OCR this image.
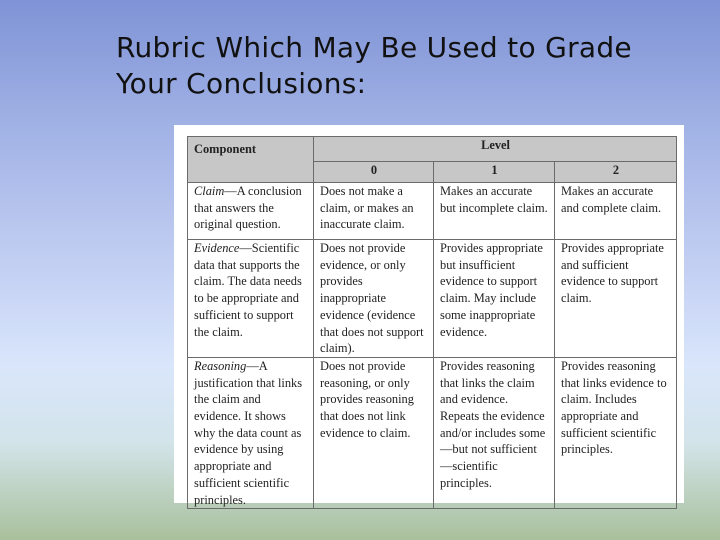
Rubric Which May Be Used to Grade
Your Conclusions:
Component	Level		
	0	1	2
Claim—A conclusion that answers the original question.	Does not make a claim, or makes an inaccurate claim.	Makes an accurate but incomplete claim.	Makes an accurate and complete claim.
Evidence—Scientific data that supports the claim. The data needs to be appropriate and sufficient to support the claim.	Does not provide evidence, or only provides inappropriate evidence (evidence that does not support claim).	Provides appropriate but insufficient evidence to support claim. May include some inappropriate evidence.	Provides appropriate and sufficient evidence to support claim.
Reasoning—A justification that links the claim and evidence. It shows why the data count as evidence by using appropriate and sufficient scientific principles.	Does not provide reasoning, or only provides reasoning that does not link evidence to claim.	Provides reasoning that links the claim and evidence. Repeats the evidence and/or includes some—but not sufficient—scientific principles.	Provides reasoning that links evidence to claim. Includes appropriate and sufficient scientific principles.
